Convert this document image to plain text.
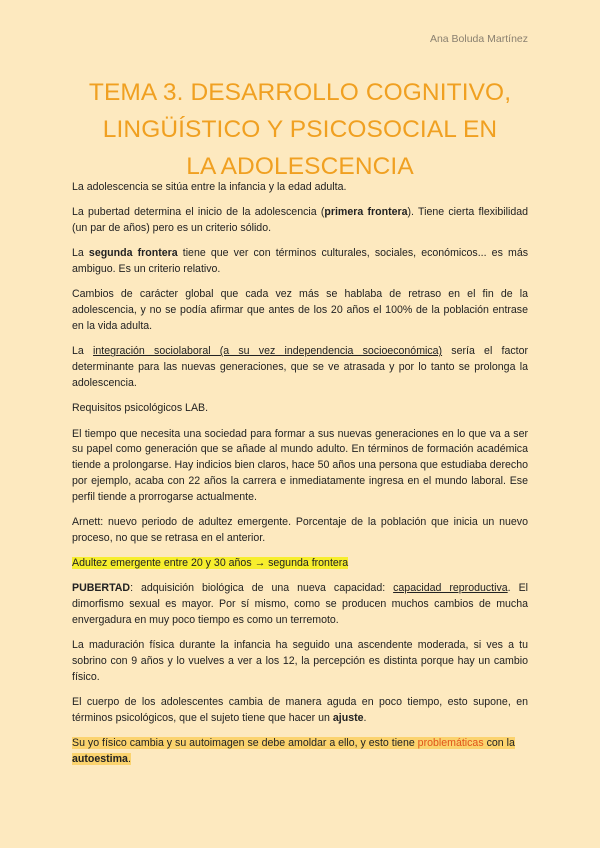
Ana Boluda Martínez
TEMA 3. DESARROLLO COGNITIVO,
LINGÜÍSTICO Y PSICOSOCIAL EN
LA ADOLESCENCIA

La adolescencia se sitúa entre la infancia y la edad adulta.

La pubertad determina el inicio de la adolescencia (primera frontera). Tiene cierta flexibilidad (un par de años) pero es un criterio sólido.

La segunda frontera tiene que ver con términos culturales, sociales, económicos... es más ambiguo. Es un criterio relativo.

Cambios de carácter global que cada vez más se hablaba de retraso en el fin de la adolescencia, y no se podía afirmar que antes de los 20 años el 100% de la población entrase en la vida adulta.

La integración sociolaboral (a su vez independencia socioeconómica) sería el factor determinante para las nuevas generaciones, que se ve atrasada y por lo tanto se prolonga la adolescencia.

Requisitos psicológicos LAB.

El tiempo que necesita una sociedad para formar a sus nuevas generaciones en lo que va a ser su papel como generación que se añade al mundo adulto. En términos de formación académica tiende a prolongarse. Hay indicios bien claros, hace 50 años una persona que estudiaba derecho por ejemplo, acaba con 22 años la carrera e inmediatamente ingresa en el mundo laboral. Ese perfil tiende a prorrogarse actualmente.

Arnett: nuevo periodo de adultez emergente. Porcentaje de la población que inicia un nuevo proceso, no que se retrasa en el anterior.

Adultez emergente entre 20 y 30 años → segunda frontera

PUBERTAD: adquisición biológica de una nueva capacidad: capacidad reproductiva. El dimorfismo sexual es mayor. Por sí mismo, como se producen muchos cambios de mucha envergadura en muy poco tiempo es como un terremoto.

La maduración física durante la infancia ha seguido una ascendente moderada, si ves a tu sobrino con 9 años y lo vuelves a ver a los 12, la percepción es distinta porque hay un cambio físico.

El cuerpo de los adolescentes cambia de manera aguda en poco tiempo, esto supone, en términos psicológicos, que el sujeto tiene que hacer un ajuste.

Su yo físico cambia y su autoimagen se debe amoldar a ello, y esto tiene problemáticas con la autoestima.
